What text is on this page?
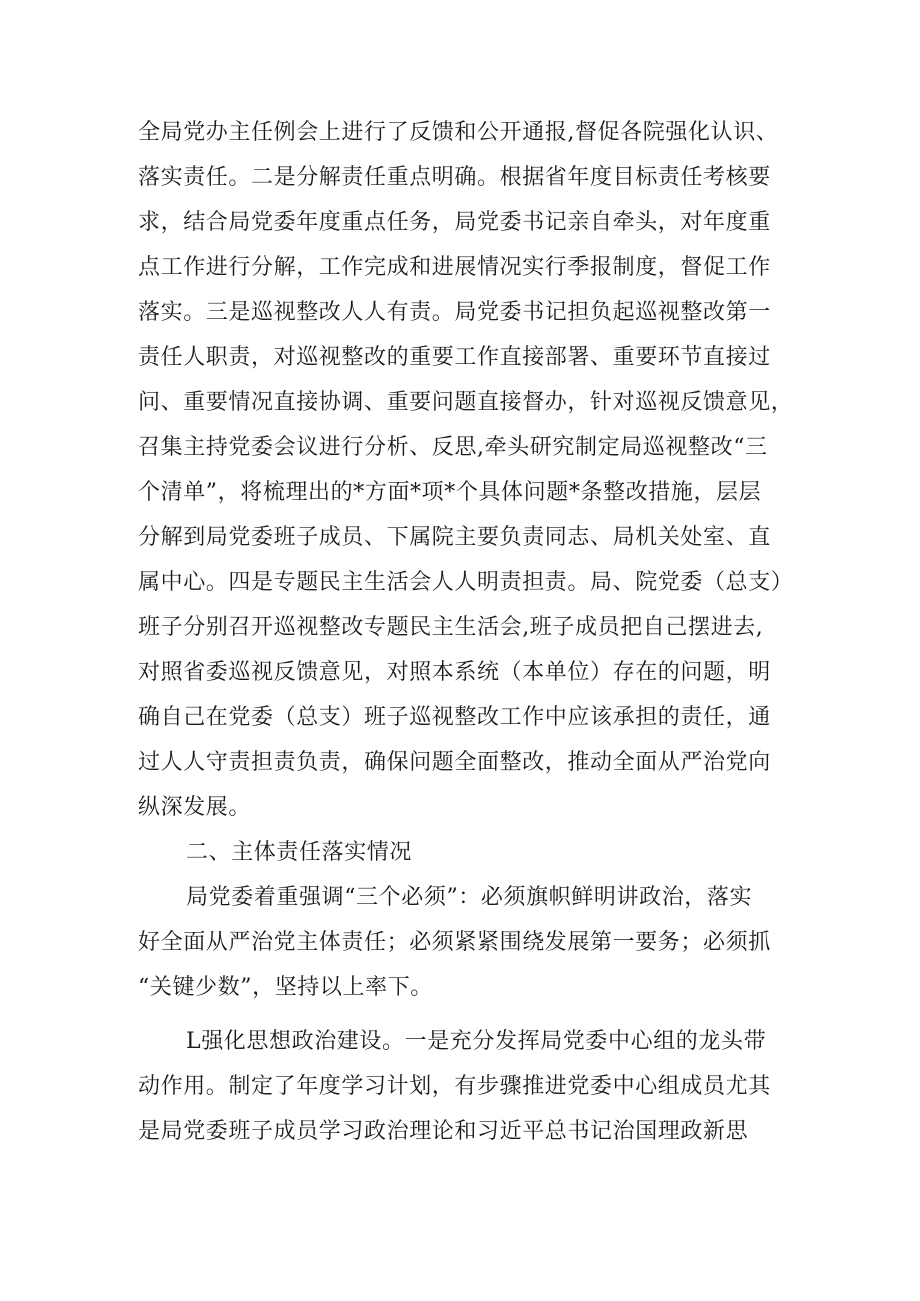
全局党办主任例会上进行了反馈和公开通报,督促各院强化认识、
落实责任。二是分解责任重点明确。根据省年度目标责任考核要
求，结合局党委年度重点任务，局党委书记亲自牵头，对年度重
点工作进行分解，工作完成和进展情况实行季报制度，督促工作
落实。三是巡视整改人人有责。局党委书记担负起巡视整改第一
责任人职责，对巡视整改的重要工作直接部署、重要环节直接过
问、重要情况直接协调、重要问题直接督办，针对巡视反馈意见，
召集主持党委会议进行分析、反思,牵头研究制定局巡视整改“三
个清单”，将梳理出的*方面*项*个具体问题*条整改措施，层层
分解到局党委班子成员、下属院主要负责同志、局机关处室、直
属中心。四是专题民主生活会人人明责担责。局、院党委（总支）
班子分别召开巡视整改专题民主生活会,班子成员把自己摆进去,
对照省委巡视反馈意见，对照本系统（本单位）存在的问题，明
确自己在党委（总支）班子巡视整改工作中应该承担的责任，通
过人人守责担责负责，确保问题全面整改，推动全面从严治党向
纵深发展。
二、主体责任落实情况
局党委着重强调“三个必须”：必须旗帜鲜明讲政治，落实
好全面从严治党主体责任；必须紧紧围绕发展第一要务；必须抓
“关键少数”，坚持以上率下。
L强化思想政治建设。一是充分发挥局党委中心组的龙头带
动作用。制定了年度学习计划，有步骤推进党委中心组成员尤其
是局党委班子成员学习政治理论和习近平总书记治国理政新思
